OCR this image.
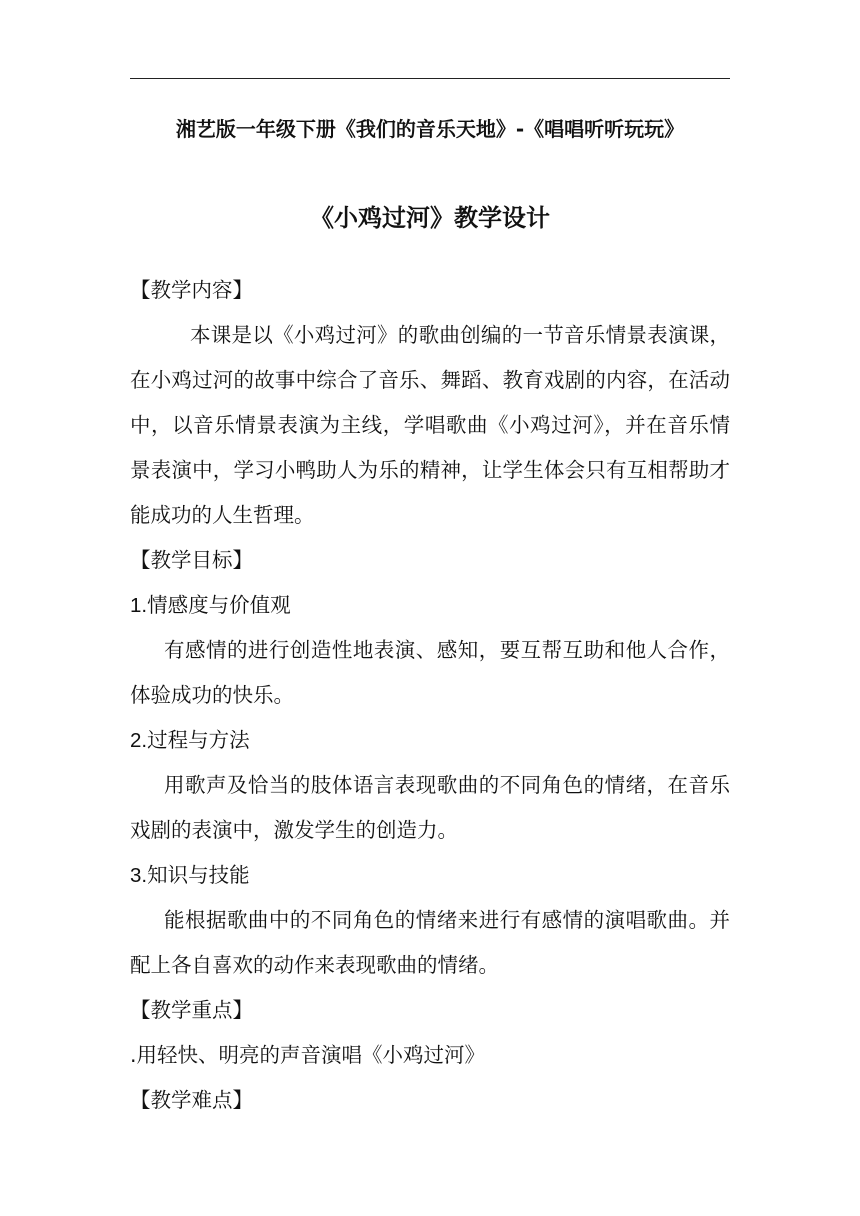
湘艺版一年级下册《我们的音乐天地》-《唱唱听听玩玩》
《小鸡过河》教学设计

【教学内容】

本课是以《小鸡过河》的歌曲创编的一节音乐情景表演课，在小鸡过河的故事中综合了音乐、舞蹈、教育戏剧的内容，在活动中，以音乐情景表演为主线，学唱歌曲《小鸡过河》，并在音乐情景表演中，学习小鸭助人为乐的精神，让学生体会只有互相帮助才能成功的人生哲理。

【教学目标】

1.情感度与价值观

有感情的进行创造性地表演、感知，要互帮互助和他人合作，体验成功的快乐。

2.过程与方法

用歌声及恰当的肢体语言表现歌曲的不同角色的情绪，在音乐戏剧的表演中，激发学生的创造力。

3.知识与技能

能根据歌曲中的不同角色的情绪来进行有感情的演唱歌曲。并配上各自喜欢的动作来表现歌曲的情绪。

【教学重点】

.用轻快、明亮的声音演唱《小鸡过河》

【教学难点】
